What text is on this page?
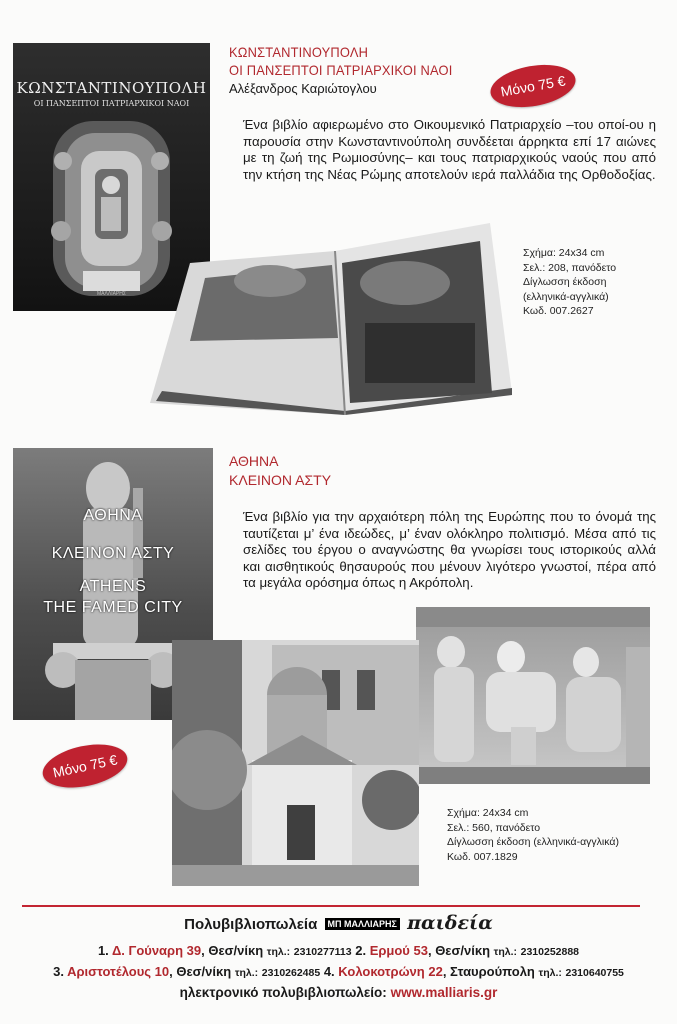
ΚΩΝΣΤΑΝΤΙΝΟΥΠΟΛΗ
ΟΙ ΠΑΝΣΕΠΤΟΙ ΠΑΤΡΙΑΡΧΙΚΟΙ ΝΑΟΙ
ΜΑΛΛΙΑΡΗΣ
ΚΩΝΣΤΑΝΤΙΝΟΥΠΟΛΗ
ΟΙ ΠΑΝΣΕΠΤΟΙ ΠΑΤΡΙΑΡΧΙΚΟΙ ΝΑΟΙ
Αλέξανδρος Καριώτογλου	Μόνο 75 €
Ένα βιβλίο αφιερωμένο στο Οικουμενικό Πατριαρχείο –του οποί-ου η παρουσία στην Κωνσταντινούπολη συνδέεται άρρηκτα επί 17 αιώνες με τη ζωή της Ρωμιοσύνης– και τους πατριαρχικούς ναούς που από την κτήση της Νέας Ρώμης αποτελούν ιερά παλλάδια της Ορθοδοξίας.
Σχήμα: 24x34 cm
Σελ.: 208, πανόδετο
Δίγλωσση έκδοση
(ελληνικά-αγγλικά)
Κωδ. 007.2627
ΑΘΗΝΑ
ΚΛΕΙΝΟΝ ΑΣΤΥ
ATHENS
THE FAMED CITY
ΑΘΗΝΑ
ΚΛΕΙΝΟΝ ΑΣΤΥ
Ένα βιβλίο για την αρχαιότερη πόλη της Ευρώπης που το όνομά της ταυτίζεται μ’ ένα ιδεώδες, μ’ έναν ολόκληρο πολιτισμό. Μέσα από τις σελίδες του έργου ο αναγνώστης θα γνωρίσει τους ιστορικούς αλλά και αισθητικούς θησαυρούς που μένουν λιγότερο γνωστοί, πέρα από τα μεγάλα ορόσημα όπως η Ακρόπολη.
Μόνο 75 €
Σχήμα: 24x34 cm
Σελ.: 560, πανόδετο
Δίγλωσση έκδοση (ελληνικά-αγγλικά)
Κωδ. 007.1829
Πολυβιβλιοπωλεία ΜΠ ΜΑΛΛΙΑΡΗΣ παιδεία
1. Δ. Γούναρη 39, Θεσ/νίκη τηλ.: 2310277113 2. Ερμού 53, Θεσ/νίκη τηλ.: 2310252888
3. Αριστοτέλους 10, Θεσ/νίκη τηλ.: 2310262485 4. Κολοκοτρώνη 22, Σταυρούπολη τηλ.: 2310640755
ηλεκτρονικό πολυβιβλιοπωλείο: www.malliaris.gr
